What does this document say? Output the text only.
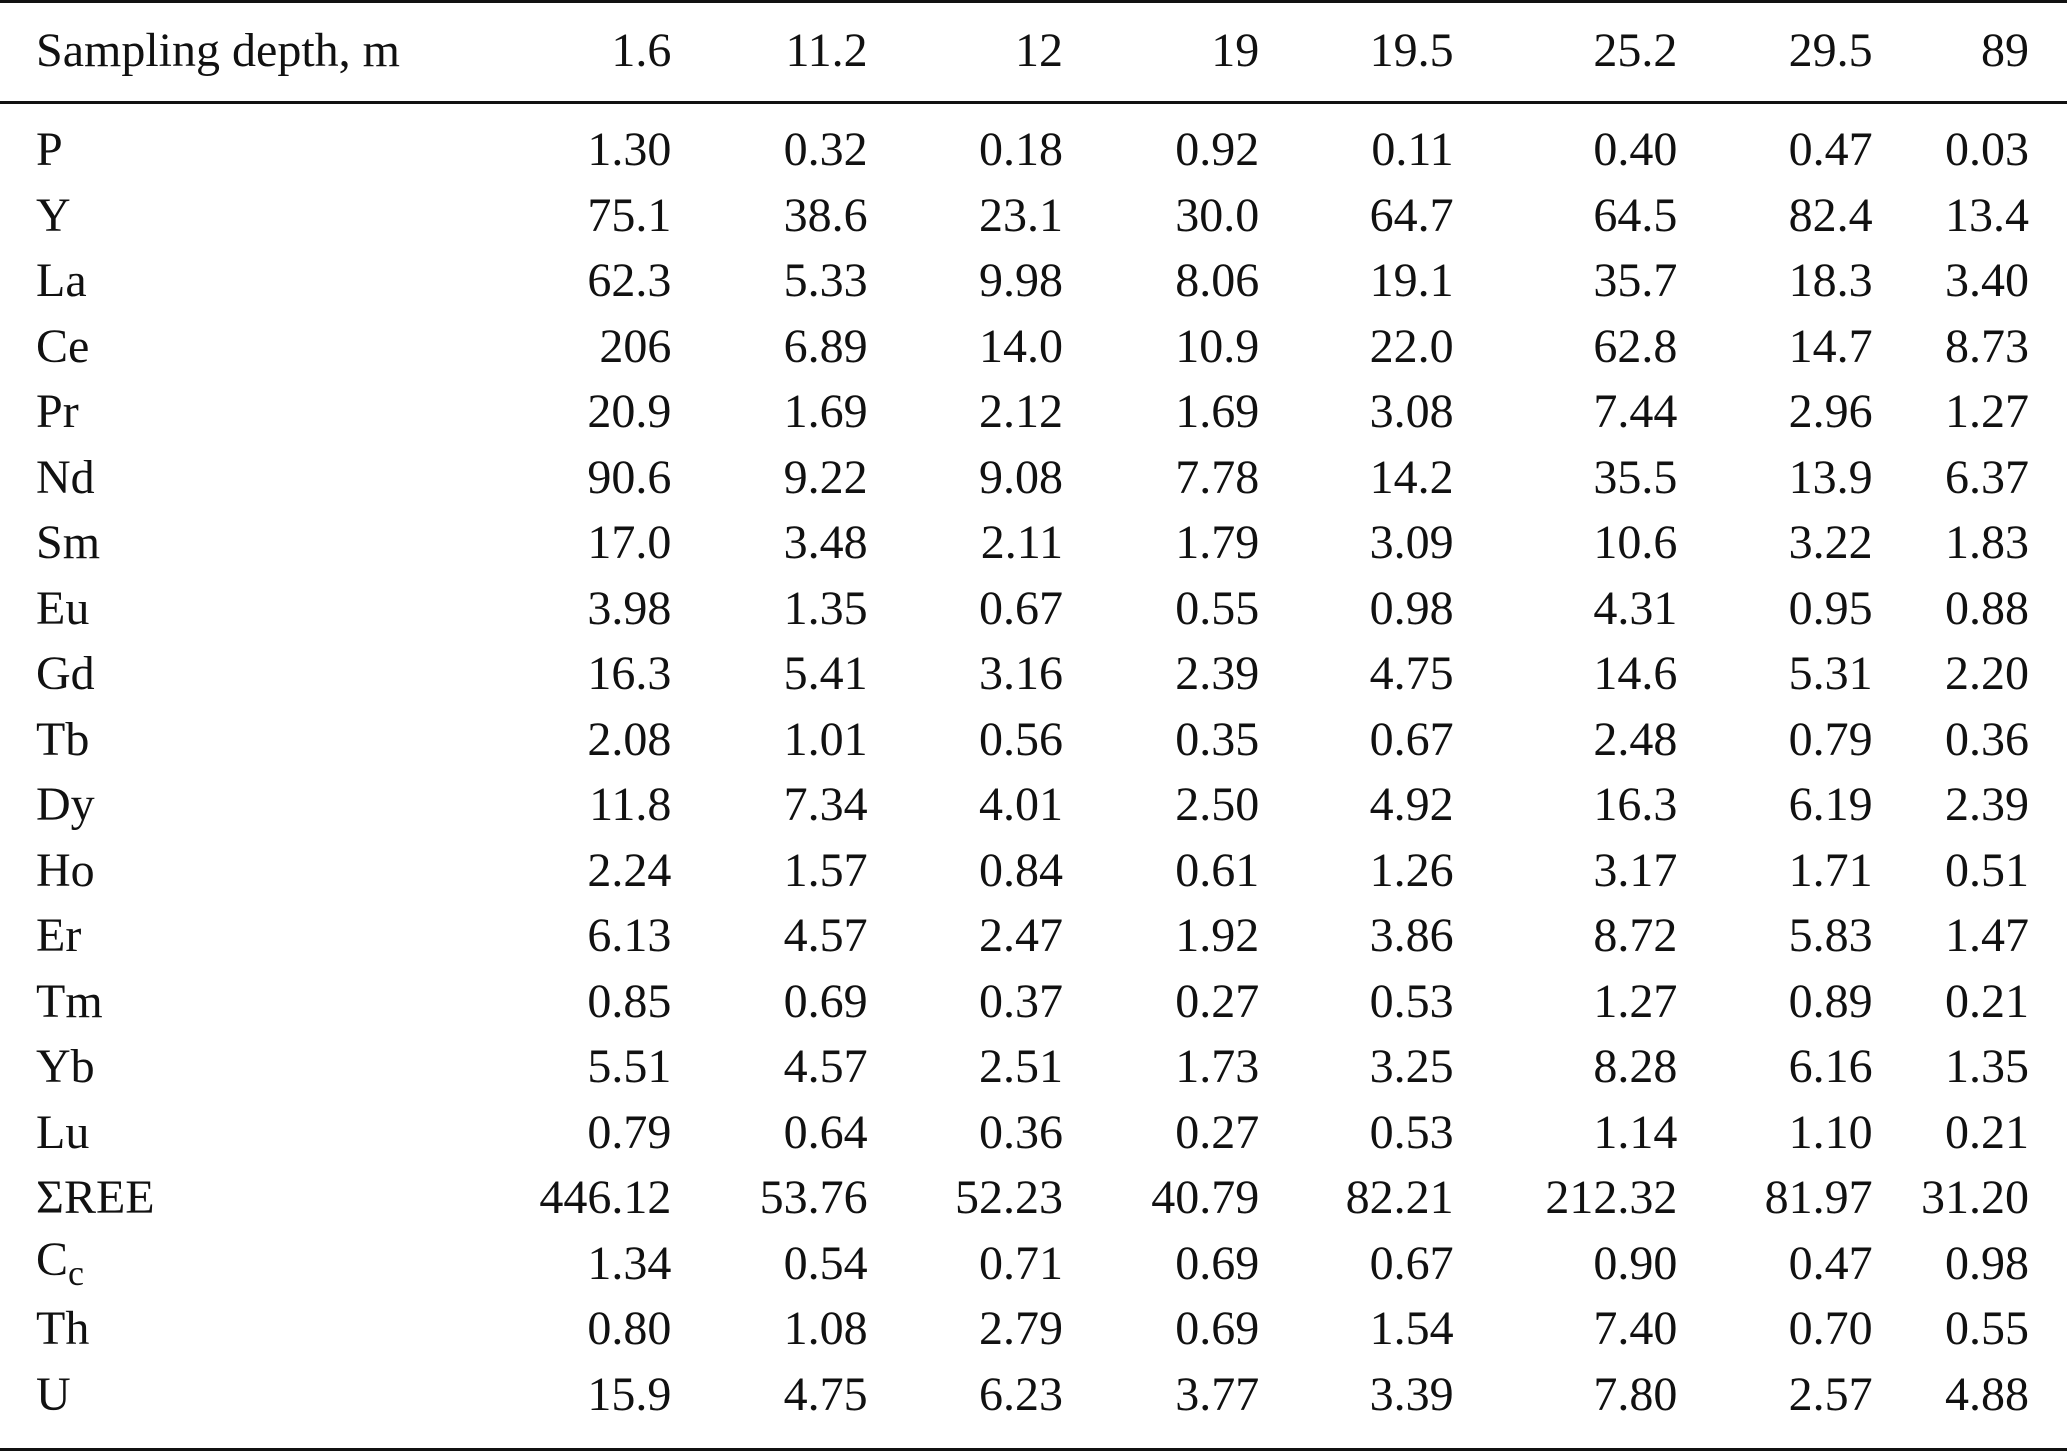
Sampling depth, m	1.6	11.2	12	19	19.5	25.2	29.5	89
P	1.30	0.32	0.18	0.92	0.11	0.40	0.47	0.03
Y	75.1	38.6	23.1	30.0	64.7	64.5	82.4	13.4
La	62.3	5.33	9.98	8.06	19.1	35.7	18.3	3.40
Ce	206	6.89	14.0	10.9	22.0	62.8	14.7	8.73
Pr	20.9	1.69	2.12	1.69	3.08	7.44	2.96	1.27
Nd	90.6	9.22	9.08	7.78	14.2	35.5	13.9	6.37
Sm	17.0	3.48	2.11	1.79	3.09	10.6	3.22	1.83
Eu	3.98	1.35	0.67	0.55	0.98	4.31	0.95	0.88
Gd	16.3	5.41	3.16	2.39	4.75	14.6	5.31	2.20
Tb	2.08	1.01	0.56	0.35	0.67	2.48	0.79	0.36
Dy	11.8	7.34	4.01	2.50	4.92	16.3	6.19	2.39
Ho	2.24	1.57	0.84	0.61	1.26	3.17	1.71	0.51
Er	6.13	4.57	2.47	1.92	3.86	8.72	5.83	1.47
Tm	0.85	0.69	0.37	0.27	0.53	1.27	0.89	0.21
Yb	5.51	4.57	2.51	1.73	3.25	8.28	6.16	1.35
Lu	0.79	0.64	0.36	0.27	0.53	1.14	1.10	0.21
ΣREE	446.12	53.76	52.23	40.79	82.21	212.32	81.97	31.20
$C_c$	1.34	0.54	0.71	0.69	0.67	0.90	0.47	0.98
Th	0.80	1.08	2.79	0.69	1.54	7.40	0.70	0.55
U	15.9	4.75	6.23	3.77	3.39	7.80	2.57	4.88
